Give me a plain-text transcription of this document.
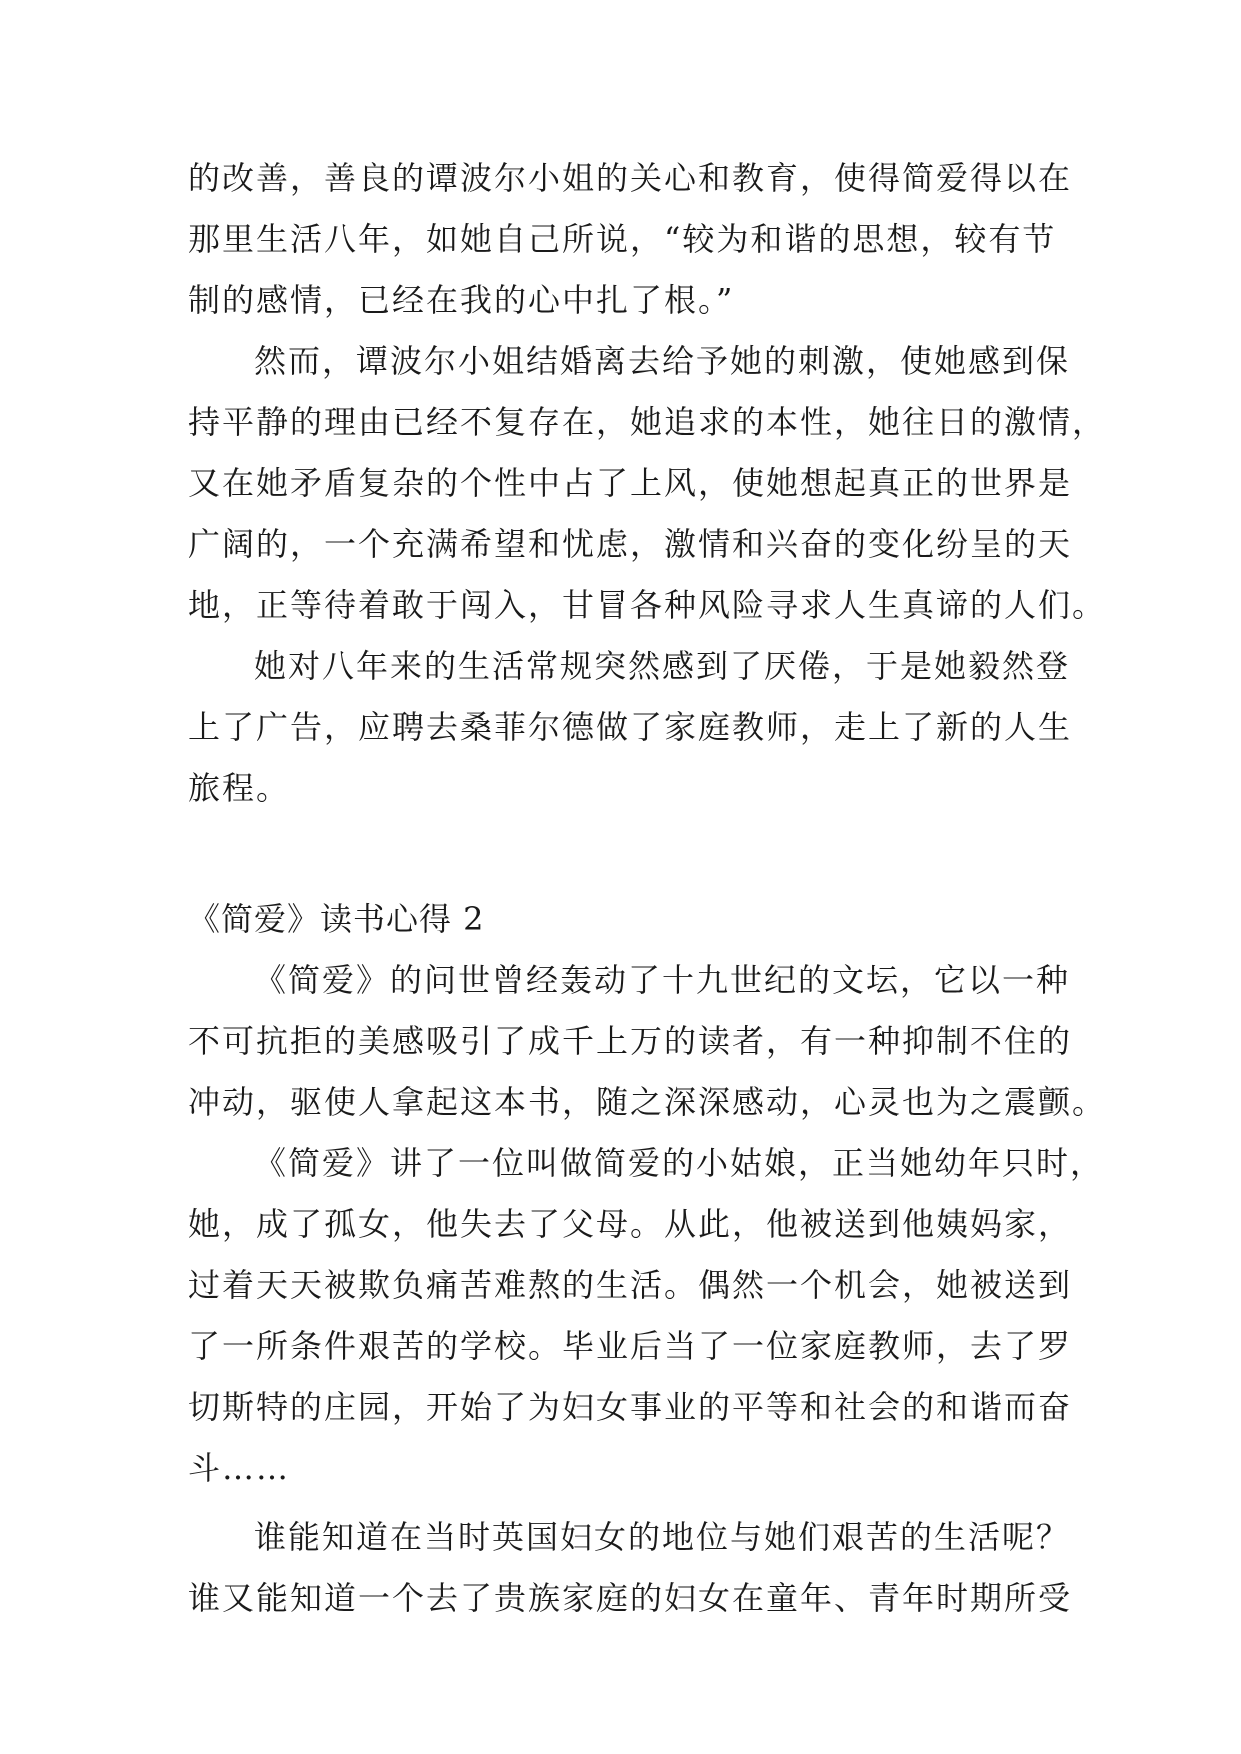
的改善，善良的谭波尔小姐的关心和教育，使得简爱得以在
那里生活八年，如她自己所说，“较为和谐的思想，较有节
制的感情，已经在我的心中扎了根。”
然而，谭波尔小姐结婚离去给予她的刺激，使她感到保
持平静的理由已经不复存在，她追求的本性，她往日的激情，
又在她矛盾复杂的个性中占了上风，使她想起真正的世界是
广阔的，一个充满希望和忧虑，激情和兴奋的变化纷呈的天
地，正等待着敢于闯入，甘冒各种风险寻求人生真谛的人们。
她对八年来的生活常规突然感到了厌倦，于是她毅然登
上了广告，应聘去桑菲尔德做了家庭教师，走上了新的人生
旅程。
《简爱》读书心得 2
《简爱》的问世曾经轰动了十九世纪的文坛，它以一种
不可抗拒的美感吸引了成千上万的读者，有一种抑制不住的
冲动，驱使人拿起这本书，随之深深感动，心灵也为之震颤。
《简爱》讲了一位叫做简爱的小姑娘，正当她幼年只时，
她，成了孤女，他失去了父母。从此，他被送到他姨妈家，
过着天天被欺负痛苦难熬的生活。偶然一个机会，她被送到
了一所条件艰苦的学校。毕业后当了一位家庭教师，去了罗
切斯特的庄园，开始了为妇女事业的平等和社会的和谐而奋
斗……
谁能知道在当时英国妇女的地位与她们艰苦的生活呢？
谁又能知道一个去了贵族家庭的妇女在童年、青年时期所受
